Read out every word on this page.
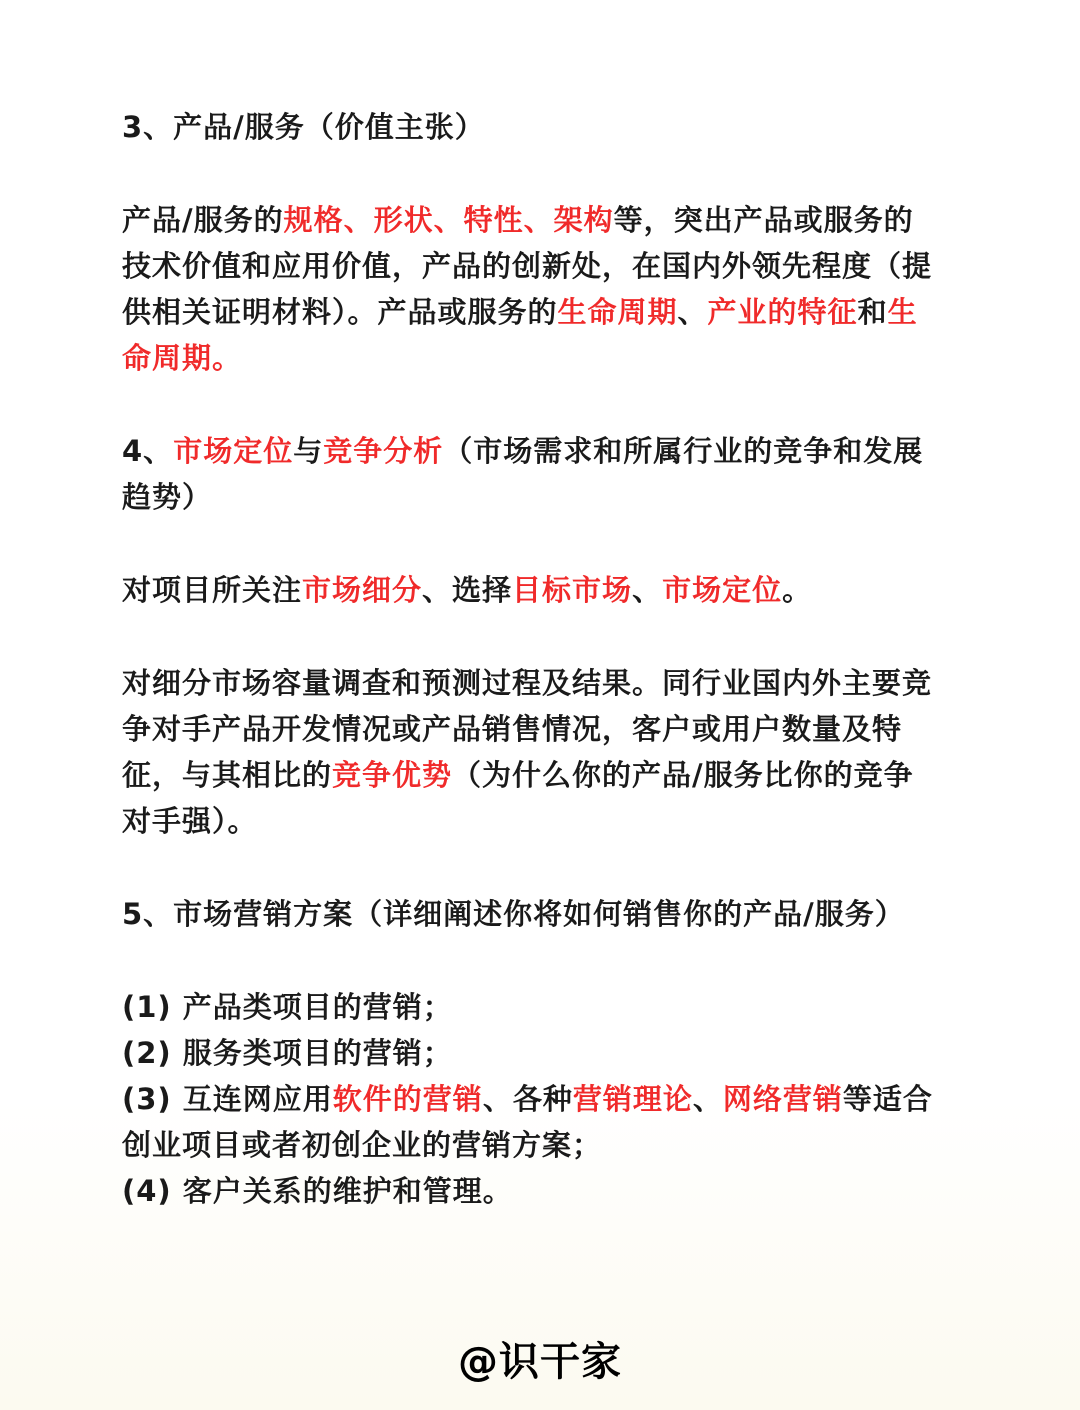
3、产品/服务（价值主张）

产品/服务的规格、形状、特性、架构等，突出产品或服务的

技术价值和应用价值，产品的创新处，在国内外领先程度（提

供相关证明材料）。产品或服务的生命周期、产业的特征和生

命周期。

4、市场定位与竞争分析（市场需求和所属行业的竞争和发展

趋势）

对项目所关注市场细分、选择目标市场、市场定位。

对细分市场容量调查和预测过程及结果。同行业国内外主要竞

争对手产品开发情况或产品销售情况，客户或用户数量及特

征，与其相比的竞争优势（为什么你的产品/服务比你的竞争

对手强）。

5、市场营销方案（详细阐述你将如何销售你的产品/服务）

(1) 产品类项目的营销；

(2) 服务类项目的营销；

(3) 互连网应用软件的营销、各种营销理论、网络营销等适合

创业项目或者初创企业的营销方案；

(4) 客户关系的维护和管理。

@识干家
